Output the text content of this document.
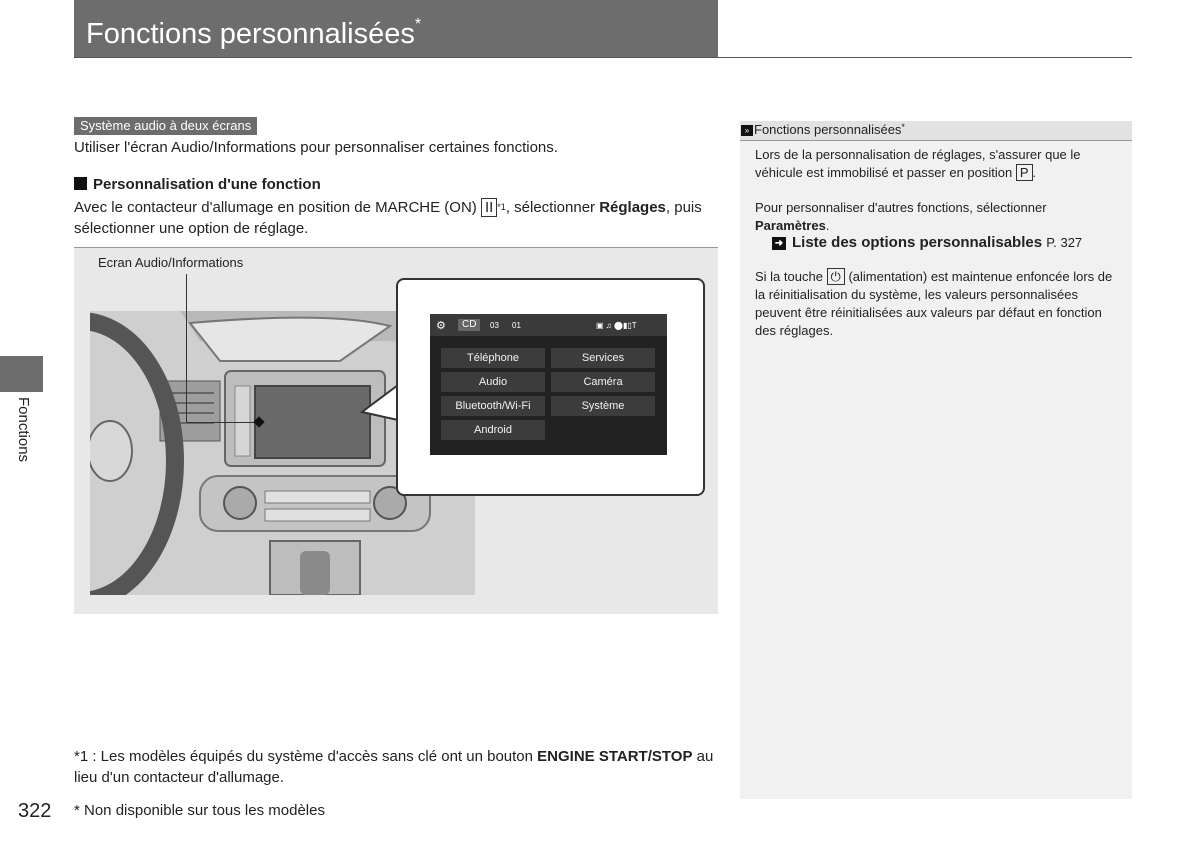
Fonctions personnalisées*
Fonctions
Système audio à deux écrans
Utiliser l'écran Audio/Informations pour personnaliser certaines fonctions.
Personnalisation d'une fonction
Avec le contacteur d'allumage en position de MARCHE (ON) II $^{*1}$, sélectionner Réglages, puis sélectionner une option de réglage.
Ecran Audio/Informations
⚙	CD	03 01	▣ ♫ ⬤▮▯T
Téléphone	Services
Audio	Caméra
Bluetooth/Wi-Fi	Système
Android
» Fonctions personnalisées*
Lors de la personnalisation de réglages, s'assurer que le véhicule est immobilisé et passer en position P .
Pour personnaliser d'autres fonctions, sélectionner Paramètres.
➜ Liste des options personnalisables P. 327
Si la touche ⏻ (alimentation) est maintenue enfoncée lors de la réinitialisation du système, les valeurs personnalisées peuvent être réinitialisées aux valeurs par défaut en fonction des réglages.
*1 : Les modèles équipés du système d'accès sans clé ont un bouton ENGINE START/STOP au lieu d'un contacteur d'allumage.
322 * Non disponible sur tous les modèles
